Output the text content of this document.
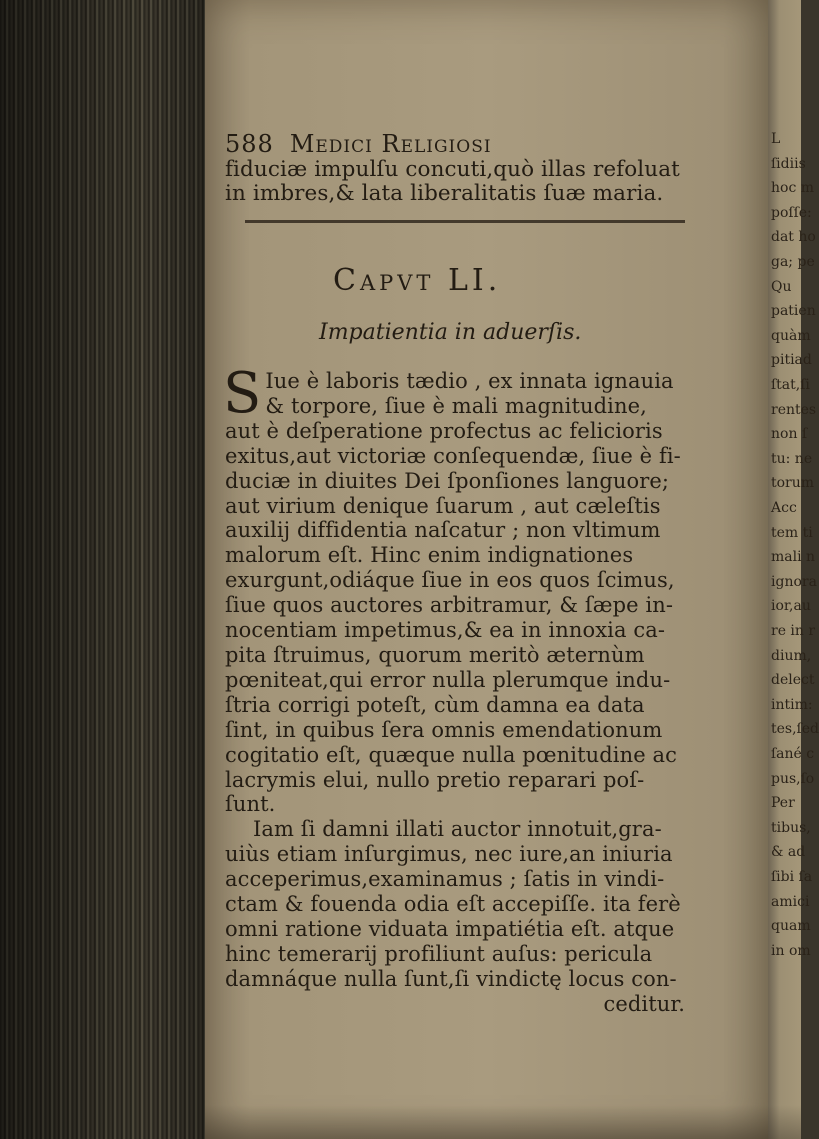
588 Medici Religiosi
fiduciæ impulſu concuti,quò illas refoluat
in imbres,& lata liberalitatis ſuæ maria.
Capvt LI.
Impatientia in aduerſis.
S Iue è laboris tædio , ex innata ignauia
& torpore, ſiue è mali magnitudine,
aut è deſperatione profectus ac felicioris
exitus,aut victoriæ conſequendæ, ſiue è fi-
duciæ in diuites Dei ſponſiones languore;
aut virium denique ſuarum , aut cæleſtis
auxilij diffidentia naſcatur ; non vltimum
malorum eſt. Hinc enim indignationes
exurgunt,odiáque ſiue in eos quos ſcimus,
ſiue quos auctores arbitramur, & ſæpe in-
nocentiam impetimus,& ea in innoxia ca-
pita ſtruimus, quorum meritò æternùm
pœniteat,qui error nulla plerumque indu-
ſtria corrigi poteſt, cùm damna ea data
ſint, in quibus ſera omnis emendationum
cogitatio eſt, quæque nulla pœnitudine ac
lacrymis elui, nullo pretio reparari poſ-
ſunt.
Iam ſi damni illati auctor innotuit,gra-
uiùs etiam inſurgimus, nec iure,an iniuria
acceperimus,examinamus ; ſatis in vindi-
ctam & fouenda odia eſt accepiſſe. ita ferè
omni ratione viduata impatiétia eſt. atque
hinc temerarij profiliunt auſus: pericula
damnáque nulla ſunt,ſi vindictę locus con-
ceditur.
L
ſidiis
hoc m
poſſe:
dat ho
ga; pe
Qu
patien
quàm
pitiad
ſtat,ſi
rentes
non ſ
tu: ne
torum
Acc
tem ti
mali n
ignora
ior,au
re in r
dium,
delect
intim:
tes,ſed
ſané c
pus,ſo
Per
tibus,
& ad
ſibi ſa
amici
quam
in om
